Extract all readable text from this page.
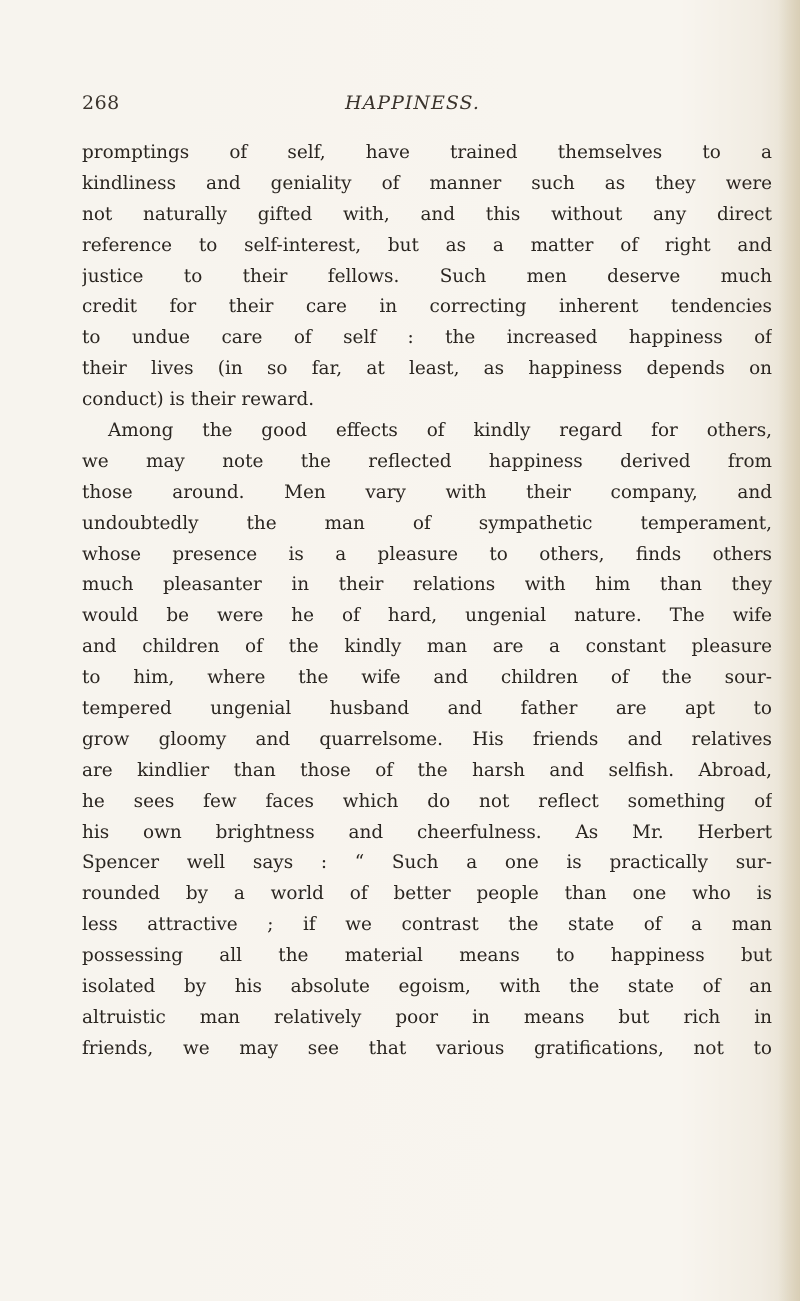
268	HAPPINESS.
promptings of self, have trained themselves to a
kindliness and geniality of manner such as they were
not naturally gifted with, and this without any direct
reference to self-interest, but as a matter of right and
justice to their fellows. Such men deserve much
credit for their care in correcting inherent tendencies
to undue care of self : the increased happiness of
their lives (in so far, at least, as happiness depends on
conduct) is their reward.
Among the good effects of kindly regard for others,
we may note the reflected happiness derived from
those around. Men vary with their company, and
undoubtedly the man of sympathetic temperament,
whose presence is a pleasure to others, finds others
much pleasanter in their relations with him than they
would be were he of hard, ungenial nature. The wife
and children of the kindly man are a constant pleasure
to him, where the wife and children of the sour-
tempered ungenial husband and father are apt to
grow gloomy and quarrelsome. His friends and relatives
are kindlier than those of the harsh and selfish. Abroad,
he sees few faces which do not reflect something of
his own brightness and cheerfulness. As Mr. Herbert
Spencer well says : “ Such a one is practically sur-
rounded by a world of better people than one who is
less attractive ; if we contrast the state of a man
possessing all the material means to happiness but
isolated by his absolute egoism, with the state of an
altruistic man relatively poor in means but rich in
friends, we may see that various gratifications, not to
